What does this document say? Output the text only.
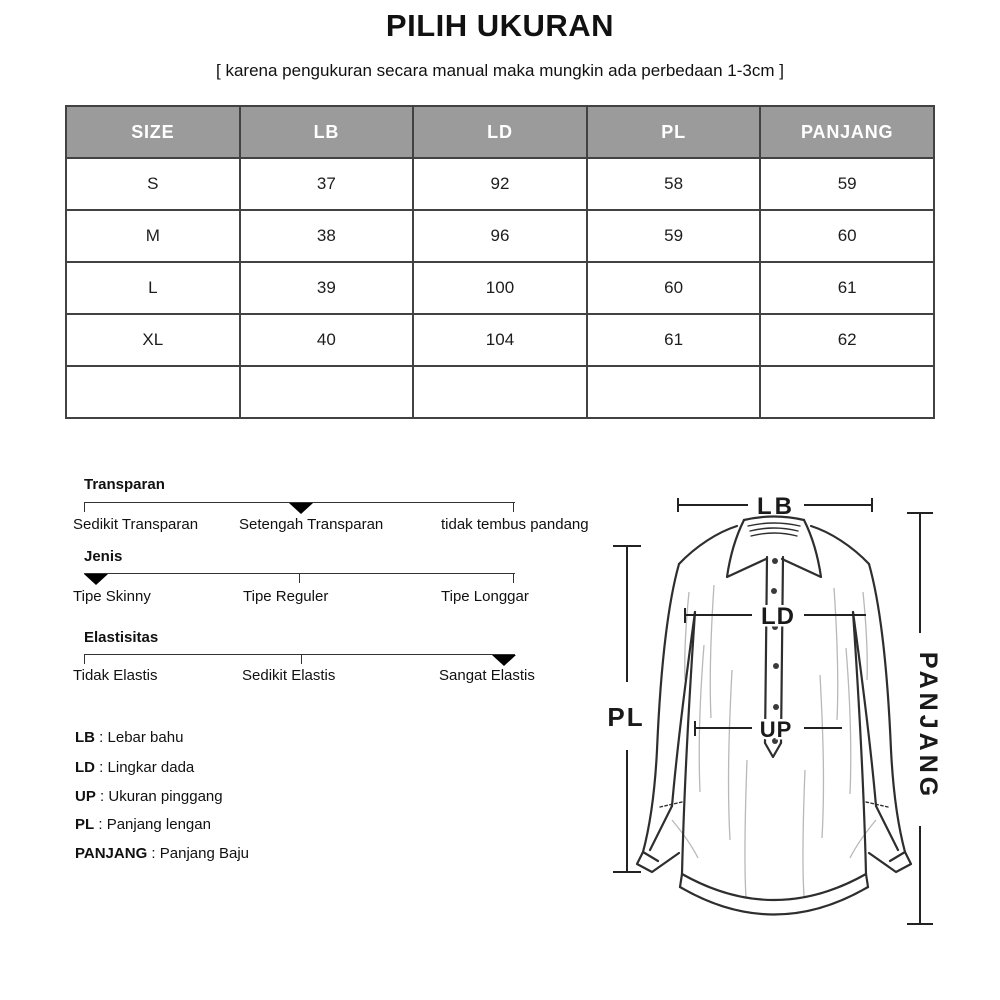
PILIH UKURAN
[ karena pengukuran secara manual maka mungkin ada perbedaan 1-3cm ]
SIZE	LB	LD	PL	PANJANG
S	37	92	58	59
M	38	96	59	60
L	39	100	60	61
XL	40	104	61	62

Transparan
Sedikit Transparan	Setengah Transparan	tidak tembus pandang
Jenis
Tipe Skinny	Tipe Reguler	Tipe Longgar
Elastisitas
Tidak Elastis	Sedikit Elastis	Sangat Elastis
LB : Lebar bahu
LD : Lingkar dada
UP : Ukuran pinggang
PL : Panjang lengan
PANJANG : Panjang Baju
LB
LD
UP
PL	PANJANG
